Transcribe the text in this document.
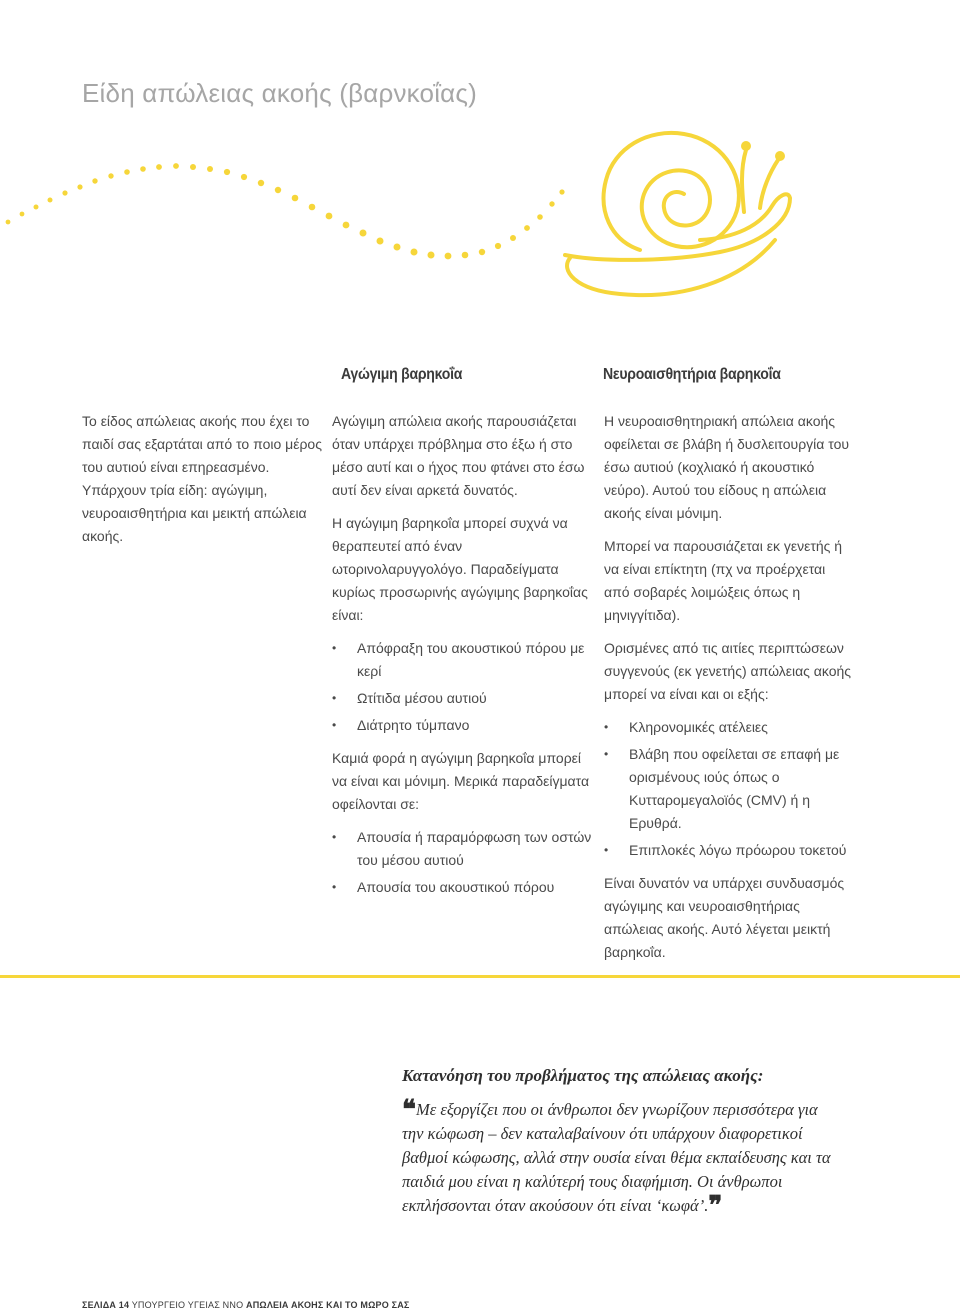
Είδη απώλειας ακοής (βαρνκοΐας)
Αγώγιμη βαρηκοΐα	Νευροαισθητήρια βαρηκοΐα

Το είδος απώλειας ακοής που έχει το παιδί σας εξαρτάται από το ποιο μέρος του αυτιού είναι επηρεασμένο. Υπάρχουν τρία είδη: αγώγιμη, νευροαισθητήρια και μεικτή απώλεια ακοής.

Αγώγιμη απώλεια ακοής παρουσιάζεται όταν υπάρχει πρόβλημα στο έξω ή στο μέσο αυτί και ο ήχος που φτάνει στο έσω αυτί δεν είναι αρκετά δυνατός.

Η αγώγιμη βαρηκοΐα μπορεί συχνά να θεραπευτεί από έναν ωτορινολαρυγγολόγο. Παραδείγματα κυρίως προσωρινής αγώγιμης βαρηκοΐας είναι:

• Απόφραξη του ακουστικού πόρου με κερί
• Ωτίτιδα μέσου αυτιού
• Διάτρητο τύμπανο

Καμιά φορά η αγώγιμη βαρηκοΐα μπορεί να είναι και μόνιμη. Μερικά παραδείγματα οφείλονται σε:

• Απουσία ή παραμόρφωση των οστών του μέσου αυτιού
• Απουσία του ακουστικού πόρου

Η νευροαισθητηριακή απώλεια ακοής οφείλεται σε βλάβη ή δυσλειτουργία του έσω αυτιού (κοχλιακό ή ακουστικό νεύρο). Αυτού του είδους η απώλεια ακοής είναι μόνιμη.

Μπορεί να παρουσιάζεται εκ γενετής ή να είναι επίκτητη (πχ να προέρχεται από σοβαρές λοιμώξεις όπως η μηνιγγίτιδα).

Ορισμένες από τις αιτίες περιπτώσεων συγγενούς (εκ γενετής) απώλειας ακοής μπορεί να είναι και οι εξής:

• Κληρονομικές ατέλειες
• Βλάβη που οφείλεται σε επαφή με ορισμένους ιούς όπως ο Κυτταρομεγαλοϊός (CMV) ή η Ερυθρά.
• Επιπλοκές λόγω πρόωρου τοκετού

Είναι δυνατόν να υπάρχει συνδυασμός αγώγιμης και νευροαισθητήριας απώλειας ακοής. Αυτό λέγεται μεικτή βαρηκοΐα.

Κατανόηση του προβλήματος της απώλειας ακοής:

❝Με εξοργίζει που οι άνθρωποι δεν γνωρίζουν περισσότερα για την κώφωση – δεν καταλαβαίνουν ότι υπάρχουν διαφορετικοί βαθμοί κώφωσης, αλλά στην ουσία είναι θέμα εκπαίδευσης και τα παιδιά μου είναι η καλύτερή τους διαφήμιση. Οι άνθρωποι εκπλήσσονται όταν ακούσουν ότι είναι ‘κωφά’.❞

ΣΕΛΙΔΑ 14 ΥΠΟΥΡΓΕΙΟ ΥΓΕΙΑΣ ΝΝΟ ΑΠΩΛΕΙΑ ΑΚΟΗΣ ΚΑΙ ΤΟ ΜΩΡΟ ΣΑΣ
